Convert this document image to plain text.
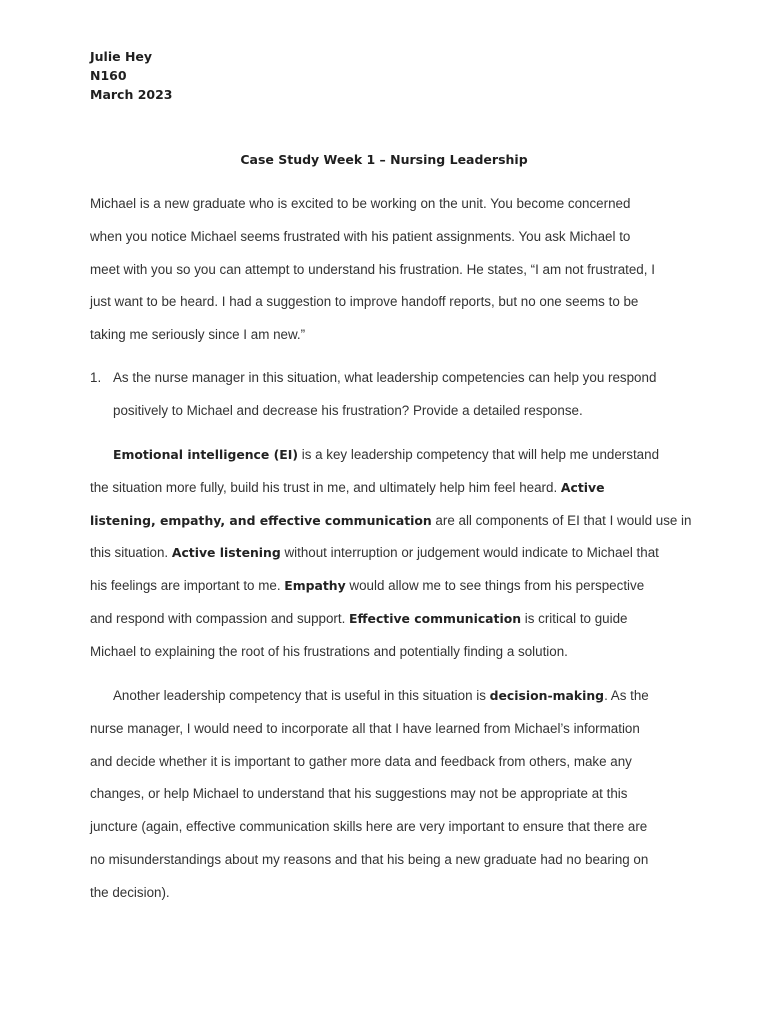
Julie Hey
N160
March 2023
Case Study Week 1 – Nursing Leadership
Michael is a new graduate who is excited to be working on the unit. You become concerned
when you notice Michael seems frustrated with his patient assignments. You ask Michael to
meet with you so you can attempt to understand his frustration. He states, “I am not frustrated, I
just want to be heard. I had a suggestion to improve handoff reports, but no one seems to be
taking me seriously since I am new.”
1. As the nurse manager in this situation, what leadership competencies can help you respond
positively to Michael and decrease his frustration? Provide a detailed response.
Emotional intelligence (EI) is a key leadership competency that will help me understand
the situation more fully, build his trust in me, and ultimately help him feel heard. Active
listening, empathy, and effective communication are all components of EI that I would use in
this situation. Active listening without interruption or judgement would indicate to Michael that
his feelings are important to me. Empathy would allow me to see things from his perspective
and respond with compassion and support. Effective communication is critical to guide
Michael to explaining the root of his frustrations and potentially finding a solution.
Another leadership competency that is useful in this situation is decision-making. As the
nurse manager, I would need to incorporate all that I have learned from Michael’s information
and decide whether it is important to gather more data and feedback from others, make any
changes, or help Michael to understand that his suggestions may not be appropriate at this
juncture (again, effective communication skills here are very important to ensure that there are
no misunderstandings about my reasons and that his being a new graduate had no bearing on
the decision).
